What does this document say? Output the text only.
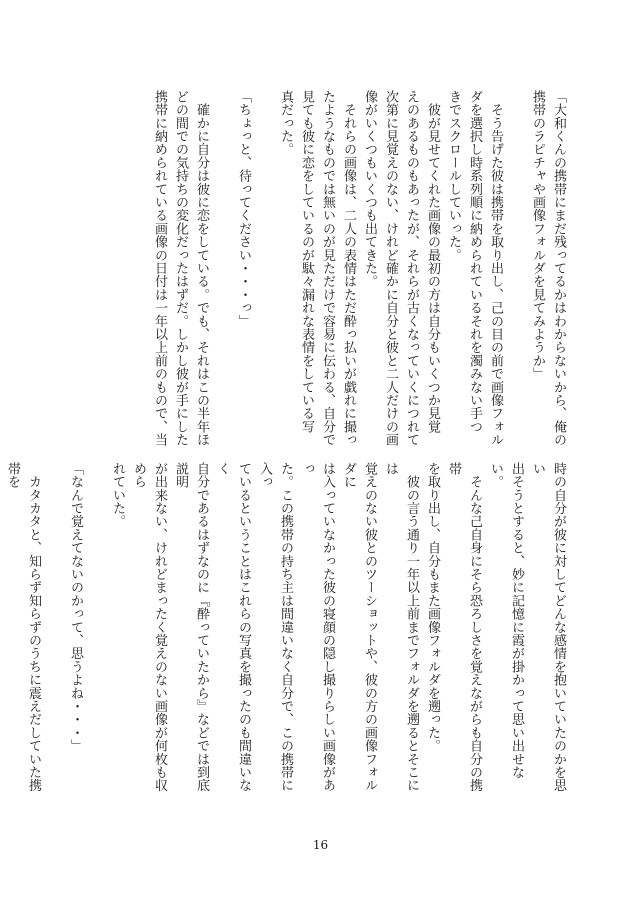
「大和くんの携帯にまだ残ってるかはわからないから、俺の
携帯のラピチャや画像フォルダを見てみようか」

　そう告げた彼は携帯を取り出し、己の目の前で画像フォル
ダを選択し時系列順に納められているそれを濁みない手つ
きでスクロールしていった。
　彼が見せてくれた画像の最初の方は自分もいくつか見覚
えのあるものもあったが、それらが古くなっていくにつれて
次第に見覚えのない、けれど確かに自分と彼と二人だけの画
像がいくつもいくつも出てきた。
　それらの画像は、二人の表情はただ酔っ払いが戯れに撮っ
たようなものでは無いのが見ただけで容易に伝わる、自分で
見ても彼に恋をしているのが駄々漏れな表情をしている写
真だった。

「ちょっと、待ってください・・・っ」

　確かに自分は彼に恋をしている。でも、それはこの半年ほ
どの間での気持ちの変化だったはずだ。しかし彼が手にした
携帯に納められている画像の日付は一年以上前のもので、当
時の自分が彼に対してどんな感情を抱いていたのかを思い
出そうとすると、妙に記憶に霞が掛かって思い出せない。
　そんな己自身にそら恐ろしさを覚えながらも自分の携帯
を取り出し、自分もまた画像フォルダを遡った。
　彼の言う通り一年以上前までフォルダを遡るとそこには
覚えのない彼とのツーショットや、彼の方の画像フォルダに
は入っていなかった彼の寝顔の隠し撮りらしい画像があっ
た。この携帯の持ち主は間違いなく自分で、この携帯に入っ
ているということはこれらの写真を撮ったのも間違いなく
自分であるはずなのに『酔っていたから』などでは到底説明
が出来ない、けれどまったく覚えのない画像が何枚も収めら
れていた。

「なんで覚えてないのかって、思うよね・・・」

　カタカタと、知らず知らずのうちに震えだしていた携帯を
16
